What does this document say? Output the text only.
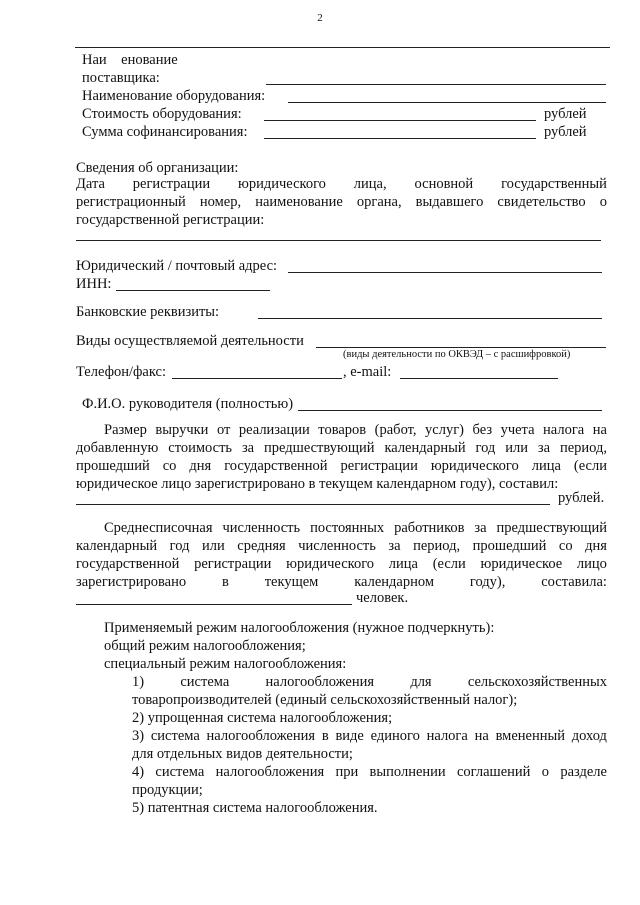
2
Наи    енование
поставщика:
Наименование оборудования:
Стоимость оборудования:	рублей
Сумма софинансирования:	рублей
Сведения об организации:
Дата регистрации юридического лица, основной государственный
регистрационный номер, наименование органа, выдавшего свидетельство о
государственной регистрации:
Юридический / почтовый адрес:
ИНН:
Банковские реквизиты:
Виды осуществляемой деятельности
(виды деятельности по ОКВЭД – с расшифровкой)
Телефон/факс:	, e-mail:
Ф.И.О. руководителя (полностью)
Размер выручки от реализации товаров (работ, услуг) без учета налога на
добавленную стоимость за предшествующий календарный год или за период,
прошедший со дня государственной регистрации юридического лица (если
юридическое лицо зарегистрировано в текущем календарном году), составил:
рублей.
Среднесписочная численность постоянных работников за предшествующий
календарный год или средняя численность за период, прошедший со дня
государственной регистрации юридического лица (если юридическое лицо
зарегистрировано в текущем календарном году), составила:
человек.
Применяемый режим налогообложения (нужное подчеркнуть):
общий режим налогообложения;
специальный режим налогообложения:
1)	система	налогообложения	для	сельскохозяйственных
товаропроизводителей (единый сельскохозяйственный налог);
2) упрощенная система налогообложения;
3) система налогообложения в виде единого налога на вмененный доход
для отдельных видов деятельности;
4) система налогообложения при выполнении соглашений о разделе
продукции;
5) патентная система налогообложения.
